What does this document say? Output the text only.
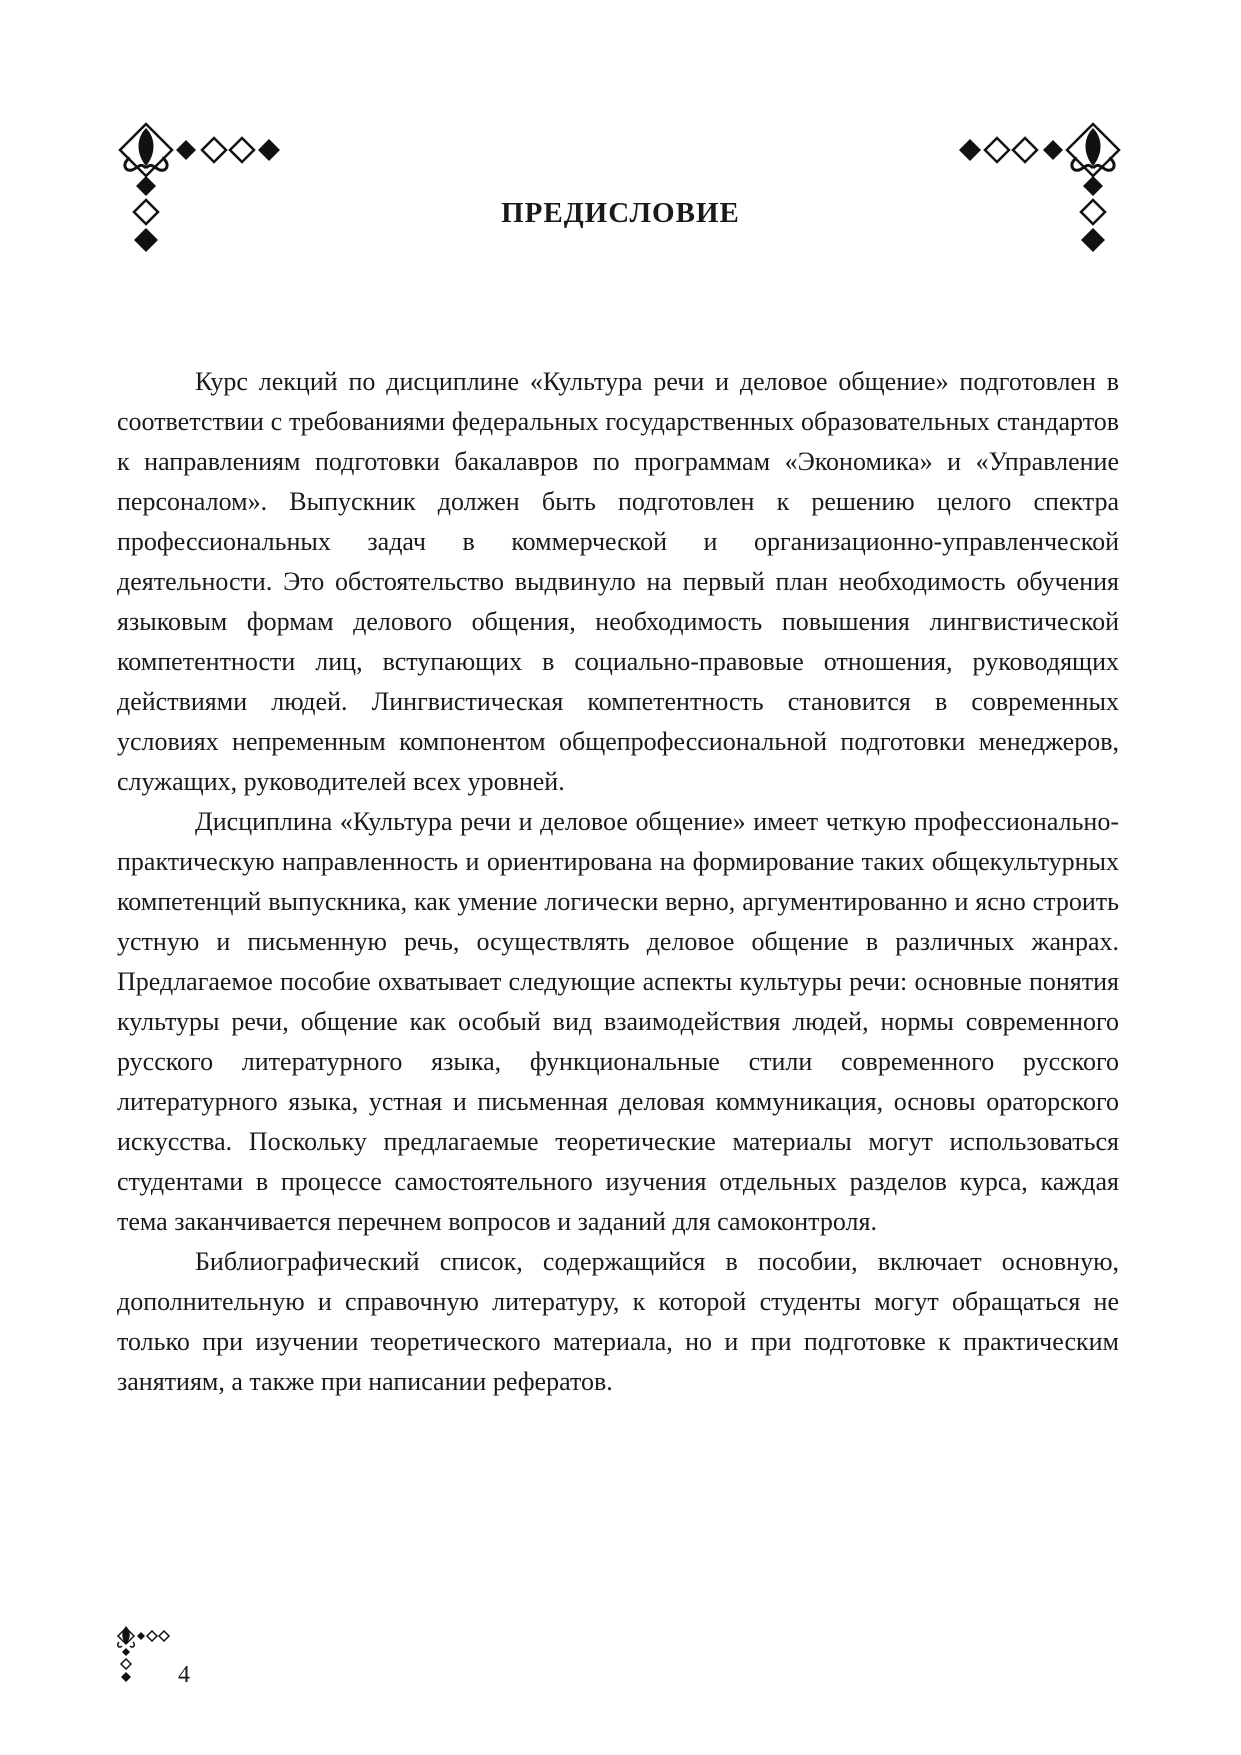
ПРЕДИСЛОВИЕ

Курс лекций по дисциплине «Культура речи и деловое общение» подготовлен в соответствии с требованиями федеральных государственных образовательных стандартов к направлениям подготовки бакалавров по программам «Экономика» и «Управление персоналом». Выпускник должен быть подготовлен к решению целого спектра профессиональных задач в коммерческой и организационно-управленческой деятельности. Это обстоятельство выдвинуло на первый план необходимость обучения языковым формам делового общения, необходимость повышения лингвистической компетентности лиц, вступающих в социально-правовые отношения, руководящих действиями людей. Лингвистическая компетентность становится в современных условиях непременным компонентом общепрофессиональной подготовки менеджеров, служащих, руководителей всех уровней.

Дисциплина «Культура речи и деловое общение» имеет четкую профессионально-практическую направленность и ориентирована на формирование таких общекультурных компетенций выпускника, как умение логически верно, аргументированно и ясно строить устную и письменную речь, осуществлять деловое общение в различных жанрах. Предлагаемое пособие охватывает следующие аспекты культуры речи: основные понятия культуры речи, общение как особый вид взаимодействия людей, нормы современного русского литературного языка, функциональные стили современного русского литературного языка, устная и письменная деловая коммуникация, основы ораторского искусства. Поскольку предлагаемые теоретические материалы могут использоваться студентами в процессе самостоятельного изучения отдельных разделов курса, каждая тема заканчивается перечнем вопросов и заданий для самоконтроля.

Библиографический список, содержащийся в пособии, включает основную, дополнительную и справочную литературу, к которой студенты могут обращаться не только при изучении теоретического материала, но и при подготовке к практическим занятиям, а также при написании рефератов.

4
